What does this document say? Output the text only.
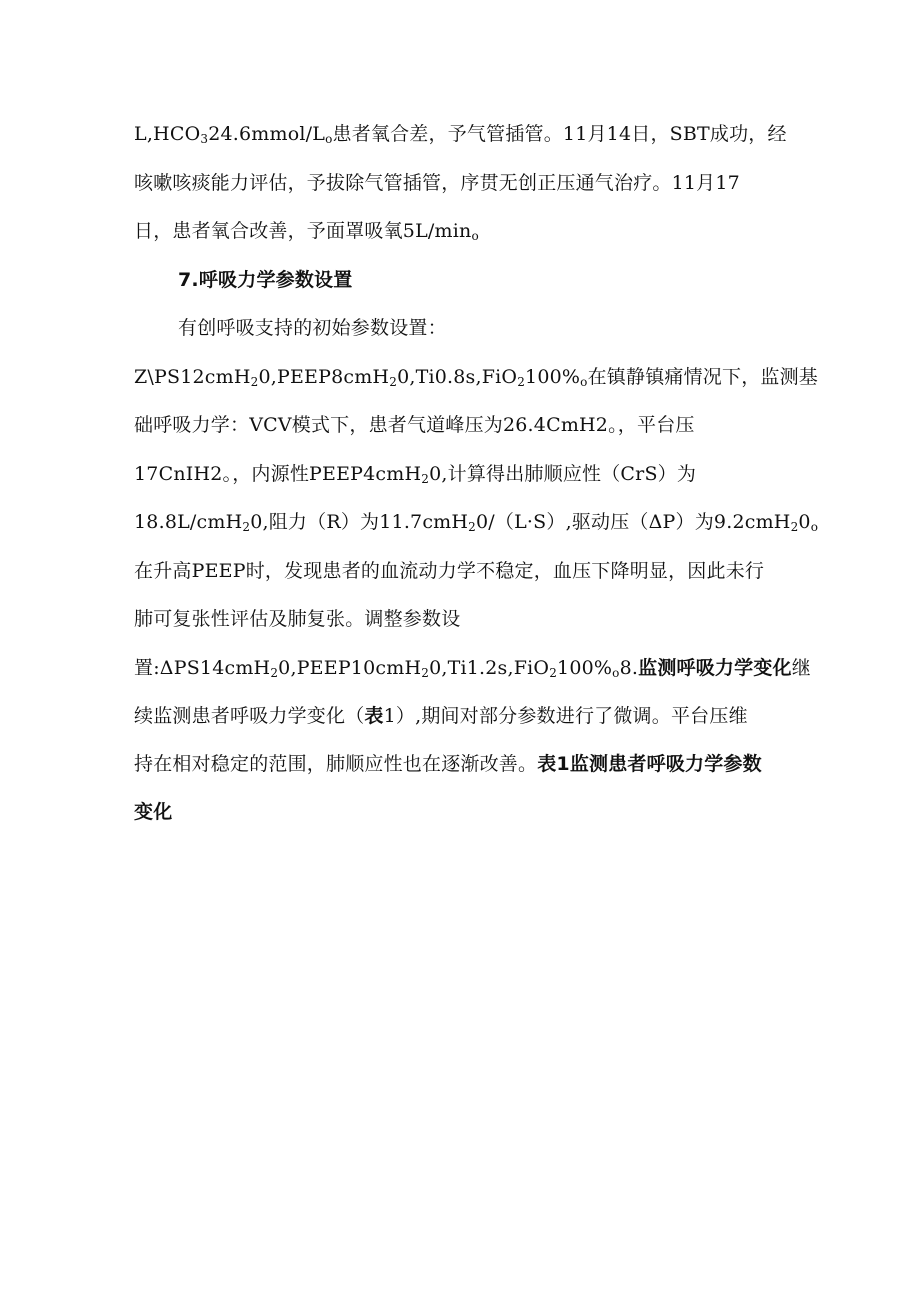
$L,HCO_324.6mmol/Lo$患者氧合差，予气管插管。11月14日，SBT成功，经
咳嗽咳痰能力评估，予拔除气管插管，序贯无创正压通气治疗。11月17
日，患者氧合改善，予面罩吸氧5L/mino
7.呼吸力学参数设置
有创呼吸支持的初始参数设置：
Z\PS12cmH$_2$0,PEEP8cmH$_2$0,Ti0.8s,FiO$_2$100%o在镇静镇痛情况下，监测基
础呼吸力学：VCV模式下，患者气道峰压为26.4CmH2。，平台压
17CnIH2。，内源性PEEP4cmH$_2$0,计算得出肺顺应性（CrS）为
18.8L/cmH$_2$0,阻力（R）为11.7cmH$_2$0/（L·S）,驱动压（ΔP）为9.2cmH$_2$0o
在升高PEEP时，发现患者的血流动力学不稳定，血压下降明显，因此未行
肺可复张性评估及肺复张。调整参数设
置:ΔPS14cmH$_2$0,PEEP10cmH$_2$0,Ti1.2s,FiO$_2$100%o8.监测呼吸力学变化继
续监测患者呼吸力学变化（表1）,期间对部分参数进行了微调。平台压维
持在相对稳定的范围，肺顺应性也在逐渐改善。表1监测患者呼吸力学参数
变化
